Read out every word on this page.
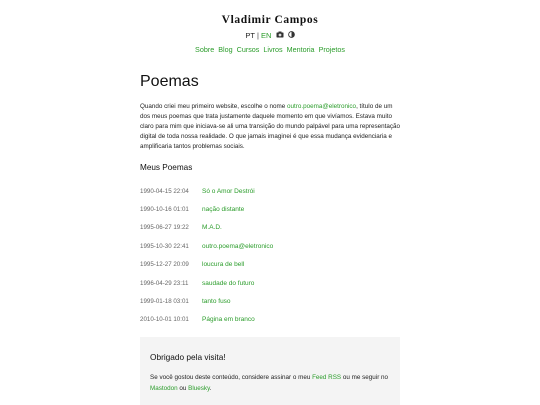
Vladimir Campos
PT | EN
Sobre Blog Cursos Livros Mentoria Projetos
Poemas

Quando criei meu primeiro website, escolhe o nome outro.poema@eletronico, título de um dos meus poemas que trata justamente daquele momento em que vivíamos. Estava muito claro para mim que iniciava-se ali uma transição do mundo palpável para uma representação digital de toda nossa realidade. O que jamais imaginei é que essa mudança evidenciaria e amplificaria tantos problemas sociais.

Meus Poemas
1990-04-15 22:04	Só o Amor Destrói
1990-10-16 01:01	nação distante
1995-06-27 19:22	M.A.D.
1995-10-30 22:41	outro.poema@eletronico
1995-12-27 20:09	loucura de bell
1996-04-29 23:11	saudade do futuro
1999-01-18 03:01	tanto fuso
2010-10-01 10:01	Página em branco
Obrigado pela visita!
Se você gostou deste conteúdo, considere assinar o meu Feed RSS ou me seguir no Mastodon ou Bluesky.
